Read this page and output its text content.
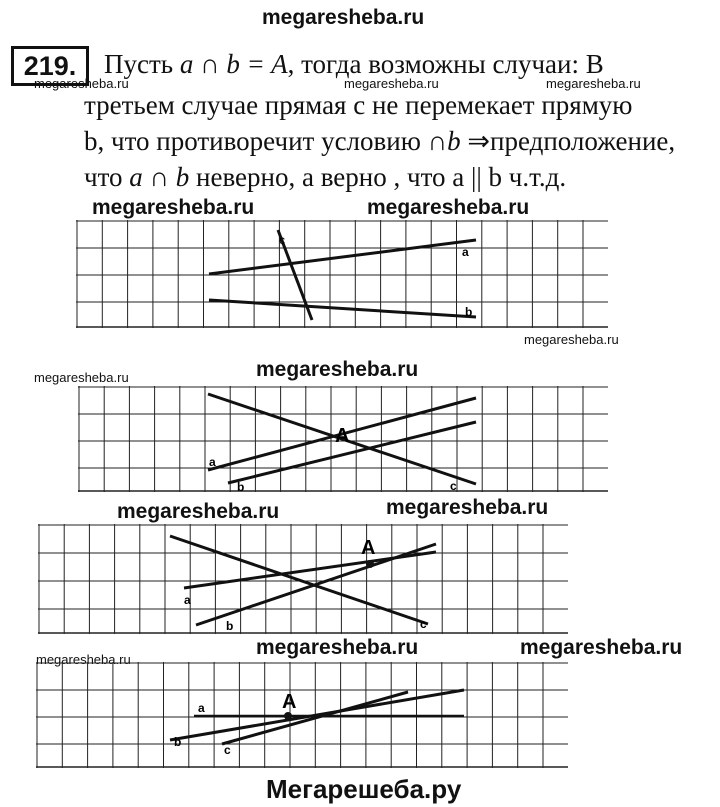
megaresheba.ru
219.	Пусть a ∩ b = A, тогда возможны случаи: В
megaresheba.ru	megaresheba.ru	megaresheba.ru
третьем случае прямая с не перемекает прямую
b, что противоречит условию ∩b ⇒предположение,
что a ∩ b неверно, а верно , что a || b ч.т.д.
megaresheba.ru	megaresheba.ru
c
a
b
megaresheba.ru
megaresheba.ru	megaresheba.ru
A
a
b	c
megaresheba.ru	megaresheba.ru
A
a
b	c
megaresheba.ru	megaresheba.ru
megaresheba.ru
A
a
b
c
Мегарешеба.ру
